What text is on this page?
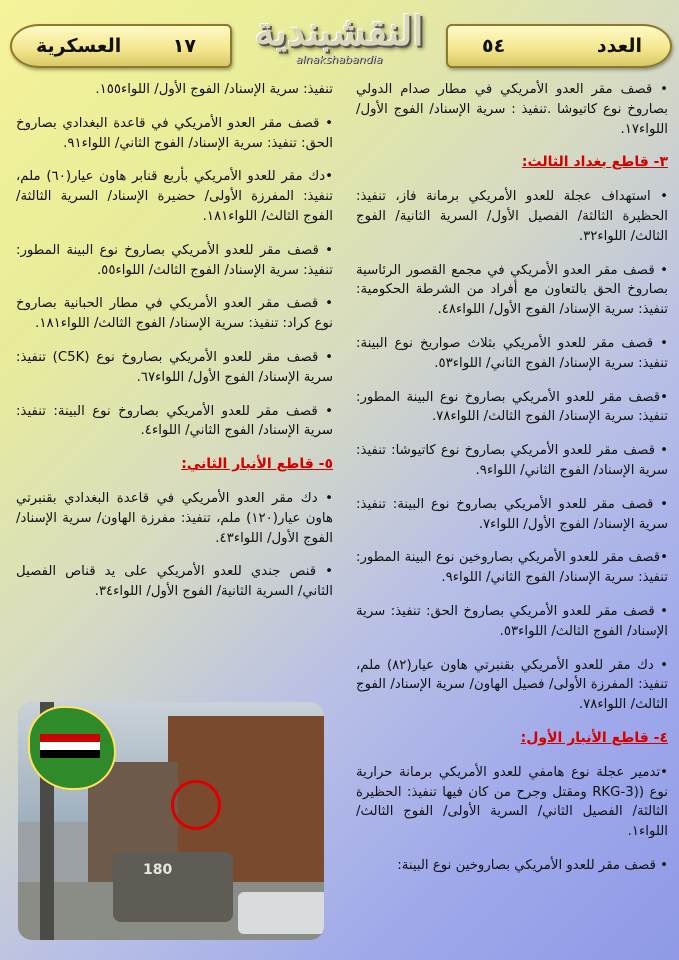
العسكرية	١٧	النقشبندية
alnakshabandia
٥٤	العدد
• قصف مقر العدو الأمريكي في مطار صدام الدولي بصاروخ نوع كاتيوشا .تنفيذ : سرية الإسناد/ الفوج الأول/ اللواء١٧.
٣- قاطع بغداد الثالث:
• استهداف عجلة للعدو الأمريكي برمانة فاز، تنفيذ: الحظيرة الثالثة/ الفصيل الأول/ السرية الثانية/ الفوج الثالث/ اللواء٣٢.
• قصف مقر العدو الأمريكي في مجمع القصور الرئاسية بصاروخ الحق بالتعاون مع أفراد من الشرطة الحكومية: تنفيذ: سرية الإسناد/ الفوج الأول/ اللواء٤٨.
• قصف مقر للعدو الأمريكي بثلاث صواريخ نوع البينة: تنفيذ: سرية الإسناد/ الفوج الثاني/ اللواء٥٣.
•قصف مقر للعدو الأمريكي بصاروخ نوع البينة المطور: تنفيذ: سرية الإسناد/ الفوج الثالث/ اللواء٧٨.
• قصف مقر للعدو الأمريكي بصاروخ نوع كاتيوشا: تنفيذ: سرية الإسناد/ الفوج الثاني/ اللواء٩.
• قصف مقر للعدو الأمريكي بصاروخ نوع البينة: تنفيذ: سرية الإسناد/ الفوج الأول/ اللواء٧.
•قصف مقر للعدو الأمريكي بصاروخين نوع البينة المطور: تنفيذ: سرية الإسناد/ الفوج الثاني/ اللواء٩.
• قصف مقر للعدو الأمريكي بصاروخ الحق: تنفيذ: سرية الإسناد/ الفوج الثالث/ اللواء٥٣.
• دك مقر للعدو الأمريكي بقنبرتي هاون عيار(٨٢) ملم، تنفيذ: المفرزة الأولى/ فصيل الهاون/ سرية الإسناد/ الفوج الثالث/ اللواء٧٨.
٤- قاطع الأنبار الأول:
•تدمير عجلة نوع هامفي للعدو الأمريكي برمانة حرارية نوع ((RKG-3 ومقتل وجرح من كان فيها تنفيذ: الحظيرة الثالثة/ الفصيل الثاني/ السرية الأولى/ الفوج الثالث/ اللواء١.
• قصف مقر للعدو الأمريكي بصاروخين نوع البينة:
تنفيذ: سرية الإسناد/ الفوج الأول/ اللواء١٥٥.
• قصف مقر العدو الأمريكي في قاعدة البغدادي بصاروخ الحق: تنفيذ: سرية الإسناد/ الفوج الثاني/ اللواء٩١.
•دك مقر للعدو الأمريكي بأربع قنابر هاون عيار(٦٠) ملم، تنفيذ: المفرزة الأولى/ حضيرة الإسناد/ السرية الثالثة/ الفوج الثالث/ اللواء١٨١.
• قصف مقر للعدو الأمريكي بصاروخ نوع البينة المطور: تنفيذ: سرية الإسناد/ الفوج الثالث/ اللواء٥٥.
• قصف مقر العدو الأمريكي في مطار الحبانية بصاروخ نوع كراد: تنفيذ: سرية الإسناد/ الفوج الثالث/ اللواء١٨١.
• قصف مقر للعدو الأمريكي بصاروخ نوع (C5K) تنفيذ: سرية الإسناد/ الفوج الأول/ اللواء٦٧.
• قصف مقر للعدو الأمريكي بصاروخ نوع البينة: تنفيذ: سرية الإسناد/ الفوج الثاني/ اللواء٤.
٥- قاطع الأنبار الثاني:
• دك مقر العدو الأمريكي في قاعدة البغدادي بقنبرتي هاون عيار(١٢٠) ملم، تنفيذ: مفرزة الهاون/ سرية الإسناد/ الفوج الأول/ اللواء٤٣.
• قنص جندي للعدو الأمريكي على يد قناص الفصيل الثاني/ السرية الثانية/ الفوج الأول/ اللواء٣٤.
180
